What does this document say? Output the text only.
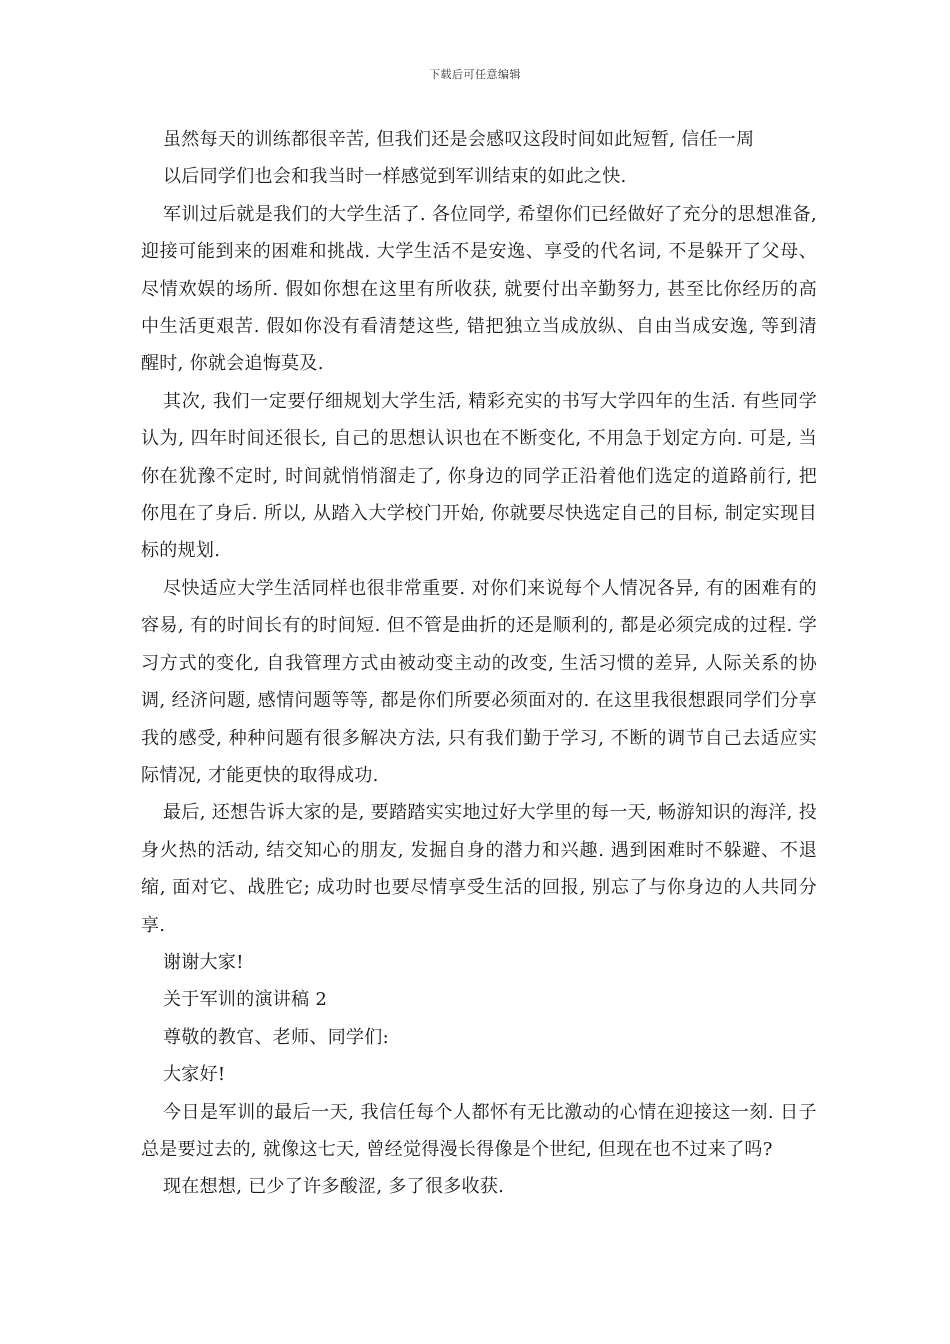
下载后可任意编辑

虽然每天的训练都很辛苦, 但我们还是会感叹这段时间如此短暂, 信任一周
以后同学们也会和我当时一样感觉到军训结束的如此之快.

军训过后就是我们的大学生活了. 各位同学, 希望你们已经做好了充分的思想准备, 迎接可能到来的困难和挑战. 大学生活不是安逸、享受的代名词, 不是躲开了父母、尽情欢娱的场所. 假如你想在这里有所收获, 就要付出辛勤努力, 甚至比你经历的高中生活更艰苦. 假如你没有看清楚这些, 错把独立当成放纵、自由当成安逸, 等到清醒时, 你就会追悔莫及.

其次, 我们一定要仔细规划大学生活, 精彩充实的书写大学四年的生活. 有些同学认为, 四年时间还很长, 自己的思想认识也在不断变化, 不用急于划定方向. 可是, 当你在犹豫不定时, 时间就悄悄溜走了, 你身边的同学正沿着他们选定的道路前行, 把你甩在了身后. 所以, 从踏入大学校门开始, 你就要尽快选定自己的目标, 制定实现目标的规划.

尽快适应大学生活同样也很非常重要. 对你们来说每个人情况各异, 有的困难有的容易, 有的时间长有的时间短. 但不管是曲折的还是顺利的, 都是必须完成的过程. 学习方式的变化, 自我管理方式由被动变主动的改变, 生活习惯的差异, 人际关系的协调, 经济问题, 感情问题等等, 都是你们所要必须面对的. 在这里我很想跟同学们分享我的感受, 种种问题有很多解决方法, 只有我们勤于学习, 不断的调节自己去适应实际情况, 才能更快的取得成功.

最后, 还想告诉大家的是, 要踏踏实实地过好大学里的每一天, 畅游知识的海洋, 投身火热的活动, 结交知心的朋友, 发掘自身的潜力和兴趣. 遇到困难时不躲避、不退缩, 面对它、战胜它; 成功时也要尽情享受生活的回报, 别忘了与你身边的人共同分享.

谢谢大家!

关于军训的演讲稿 2

尊敬的教官、老师、同学们:

大家好!

今日是军训的最后一天, 我信任每个人都怀有无比激动的心情在迎接这一刻. 日子总是要过去的, 就像这七天, 曾经觉得漫长得像是个世纪, 但现在也不过来了吗?

现在想想, 已少了许多酸涩, 多了很多收获.
